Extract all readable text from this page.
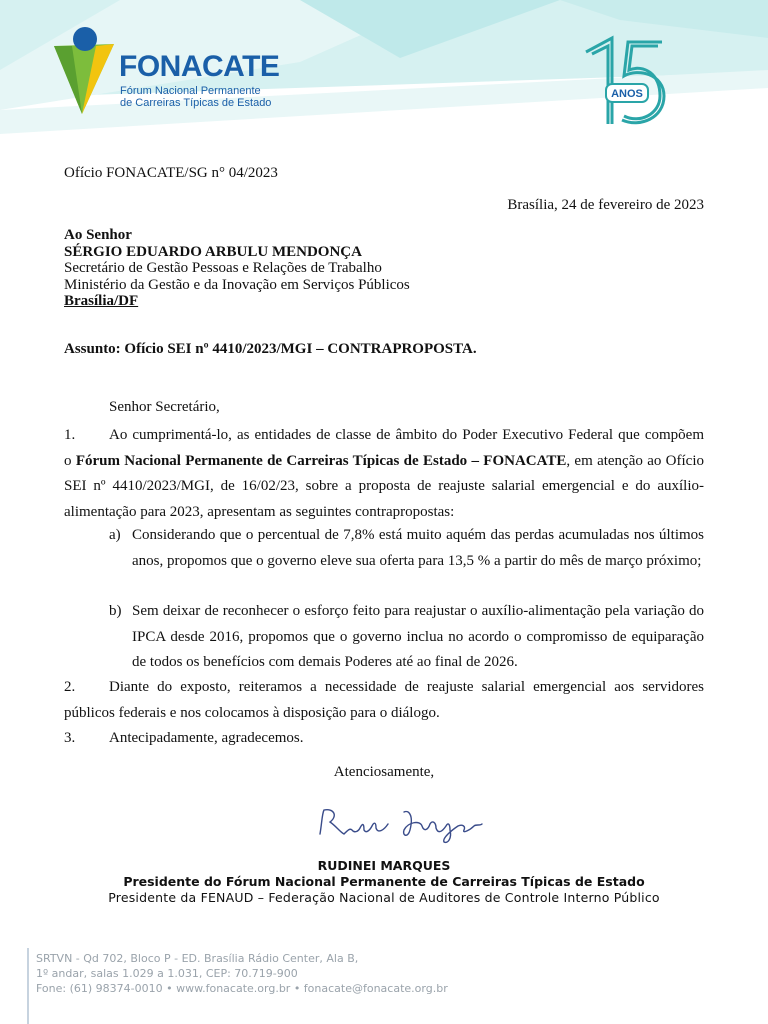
FONACATE
Fórum Nacional Permanente
de Carreiras Típicas de Estado
ANOS
Ofício FONACATE/SG n° 04/2023
Brasília, 24 de fevereiro de 2023
Ao Senhor
SÉRGIO EDUARDO ARBULU MENDONÇA
Secretário de Gestão Pessoas e Relações de Trabalho
Ministério da Gestão e da Inovação em Serviços Públicos
Brasília/DF
Assunto: Ofício SEI nº 4410/2023/MGI – CONTRAPROPOSTA.
Senhor Secretário,
1. Ao cumprimentá-lo, as entidades de classe de âmbito do Poder Executivo Federal que compõem
o Fórum Nacional Permanente de Carreiras Típicas de Estado – FONACATE, em atenção ao Ofício SEI nº 4410/2023/MGI, de 16/02/23, sobre a proposta de reajuste salarial emergencial e do auxílio-alimentação para 2023, apresentam as seguintes contrapropostas:
a) Considerando que o percentual de 7,8% está muito aquém das perdas acumuladas nos últimos anos, propomos que o governo eleve sua oferta para 13,5 % a partir do mês de março próximo;
b) Sem deixar de reconhecer o esforço feito para reajustar o auxílio-alimentação pela variação do IPCA desde 2016, propomos que o governo inclua no acordo o compromisso de equiparação de todos os benefícios com demais Poderes até ao final de 2026.
2. Diante do exposto, reiteramos a necessidade de reajuste salarial emergencial aos servidores
públicos federais e nos colocamos à disposição para o diálogo.
3. Antecipadamente, agradecemos.
Atenciosamente,
RUDINEI MARQUES
Presidente do Fórum Nacional Permanente de Carreiras Típicas de Estado
Presidente da FENAUD – Federação Nacional de Auditores de Controle Interno Público
SRTVN - Qd 702, Bloco P - ED. Brasília Rádio Center, Ala B,
1º andar, salas 1.029 a 1.031, CEP: 70.719-900
Fone: (61) 98374-0010 • www.fonacate.org.br • fonacate@fonacate.org.br
